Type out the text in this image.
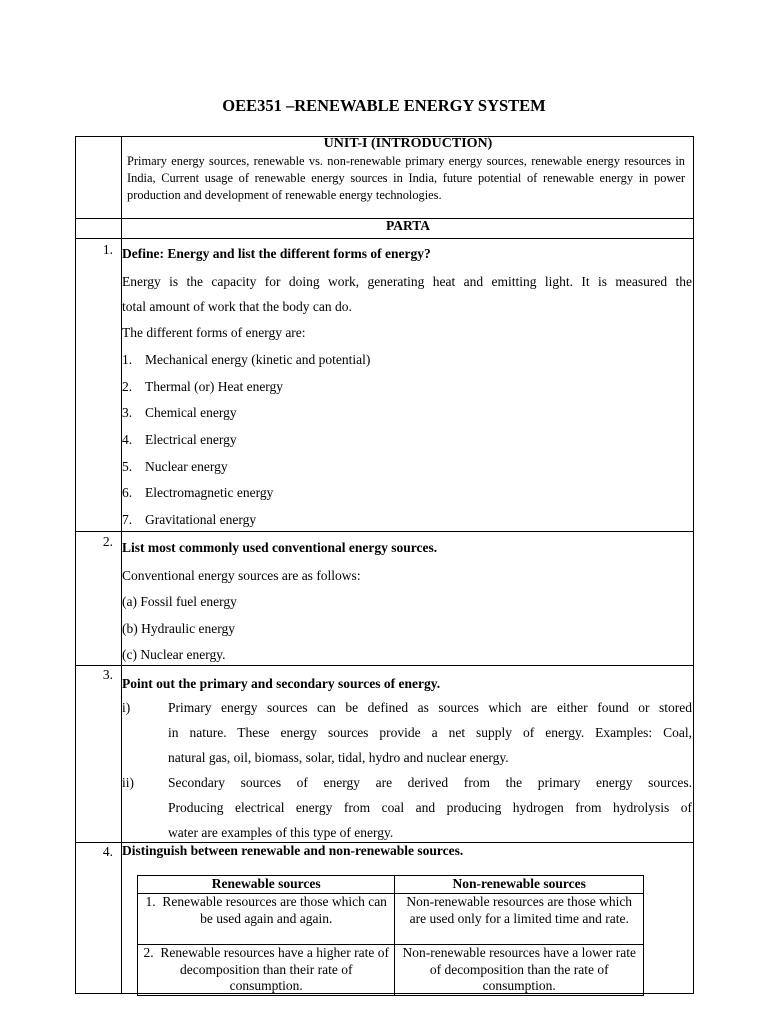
OEE351 –RENEWABLE ENERGY SYSTEM
UNIT-I (INTRODUCTION)
Primary energy sources, renewable vs. non-renewable primary energy sources, renewable energy resources in India, Current usage of renewable energy sources in India, future potential of renewable energy in power production and development of renewable energy technologies.
PARTA
1. Define: Energy and list the different forms of energy?
Energy is the capacity for doing work, generating heat and emitting light. It is measured the
total amount of work that the body can do.
The different forms of energy are:
1. Mechanical energy (kinetic and potential)
2. Thermal (or) Heat energy
3. Chemical energy
4. Electrical energy
5. Nuclear energy
6. Electromagnetic energy
7. Gravitational energy
2. List most commonly used conventional energy sources.
Conventional energy sources are as follows:
(a) Fossil fuel energy
(b) Hydraulic energy
(c) Nuclear energy.
3.
Point out the primary and secondary sources of energy.
i)	Primary energy sources can be defined as sources which are either found or stored
in nature. These energy sources provide a net supply of energy. Examples: Coal,
natural gas, oil, biomass, solar, tidal, hydro and nuclear energy.
ii)	Secondary sources of energy are derived from the primary energy sources.
Producing electrical energy from coal and producing hydrogen from hydrolysis of
water are examples of this type of energy.
4. Distinguish between renewable and non-renewable sources.
Renewable sources	Non-renewable sources
1.  Renewable resources are those which can be used again and again.	Non-renewable resources are those which are used only for a limited time and rate.
2.  Renewable resources have a higher rate of decomposition than their rate of consumption.	Non-renewable resources have a lower rate of decomposition than the rate of consumption.
